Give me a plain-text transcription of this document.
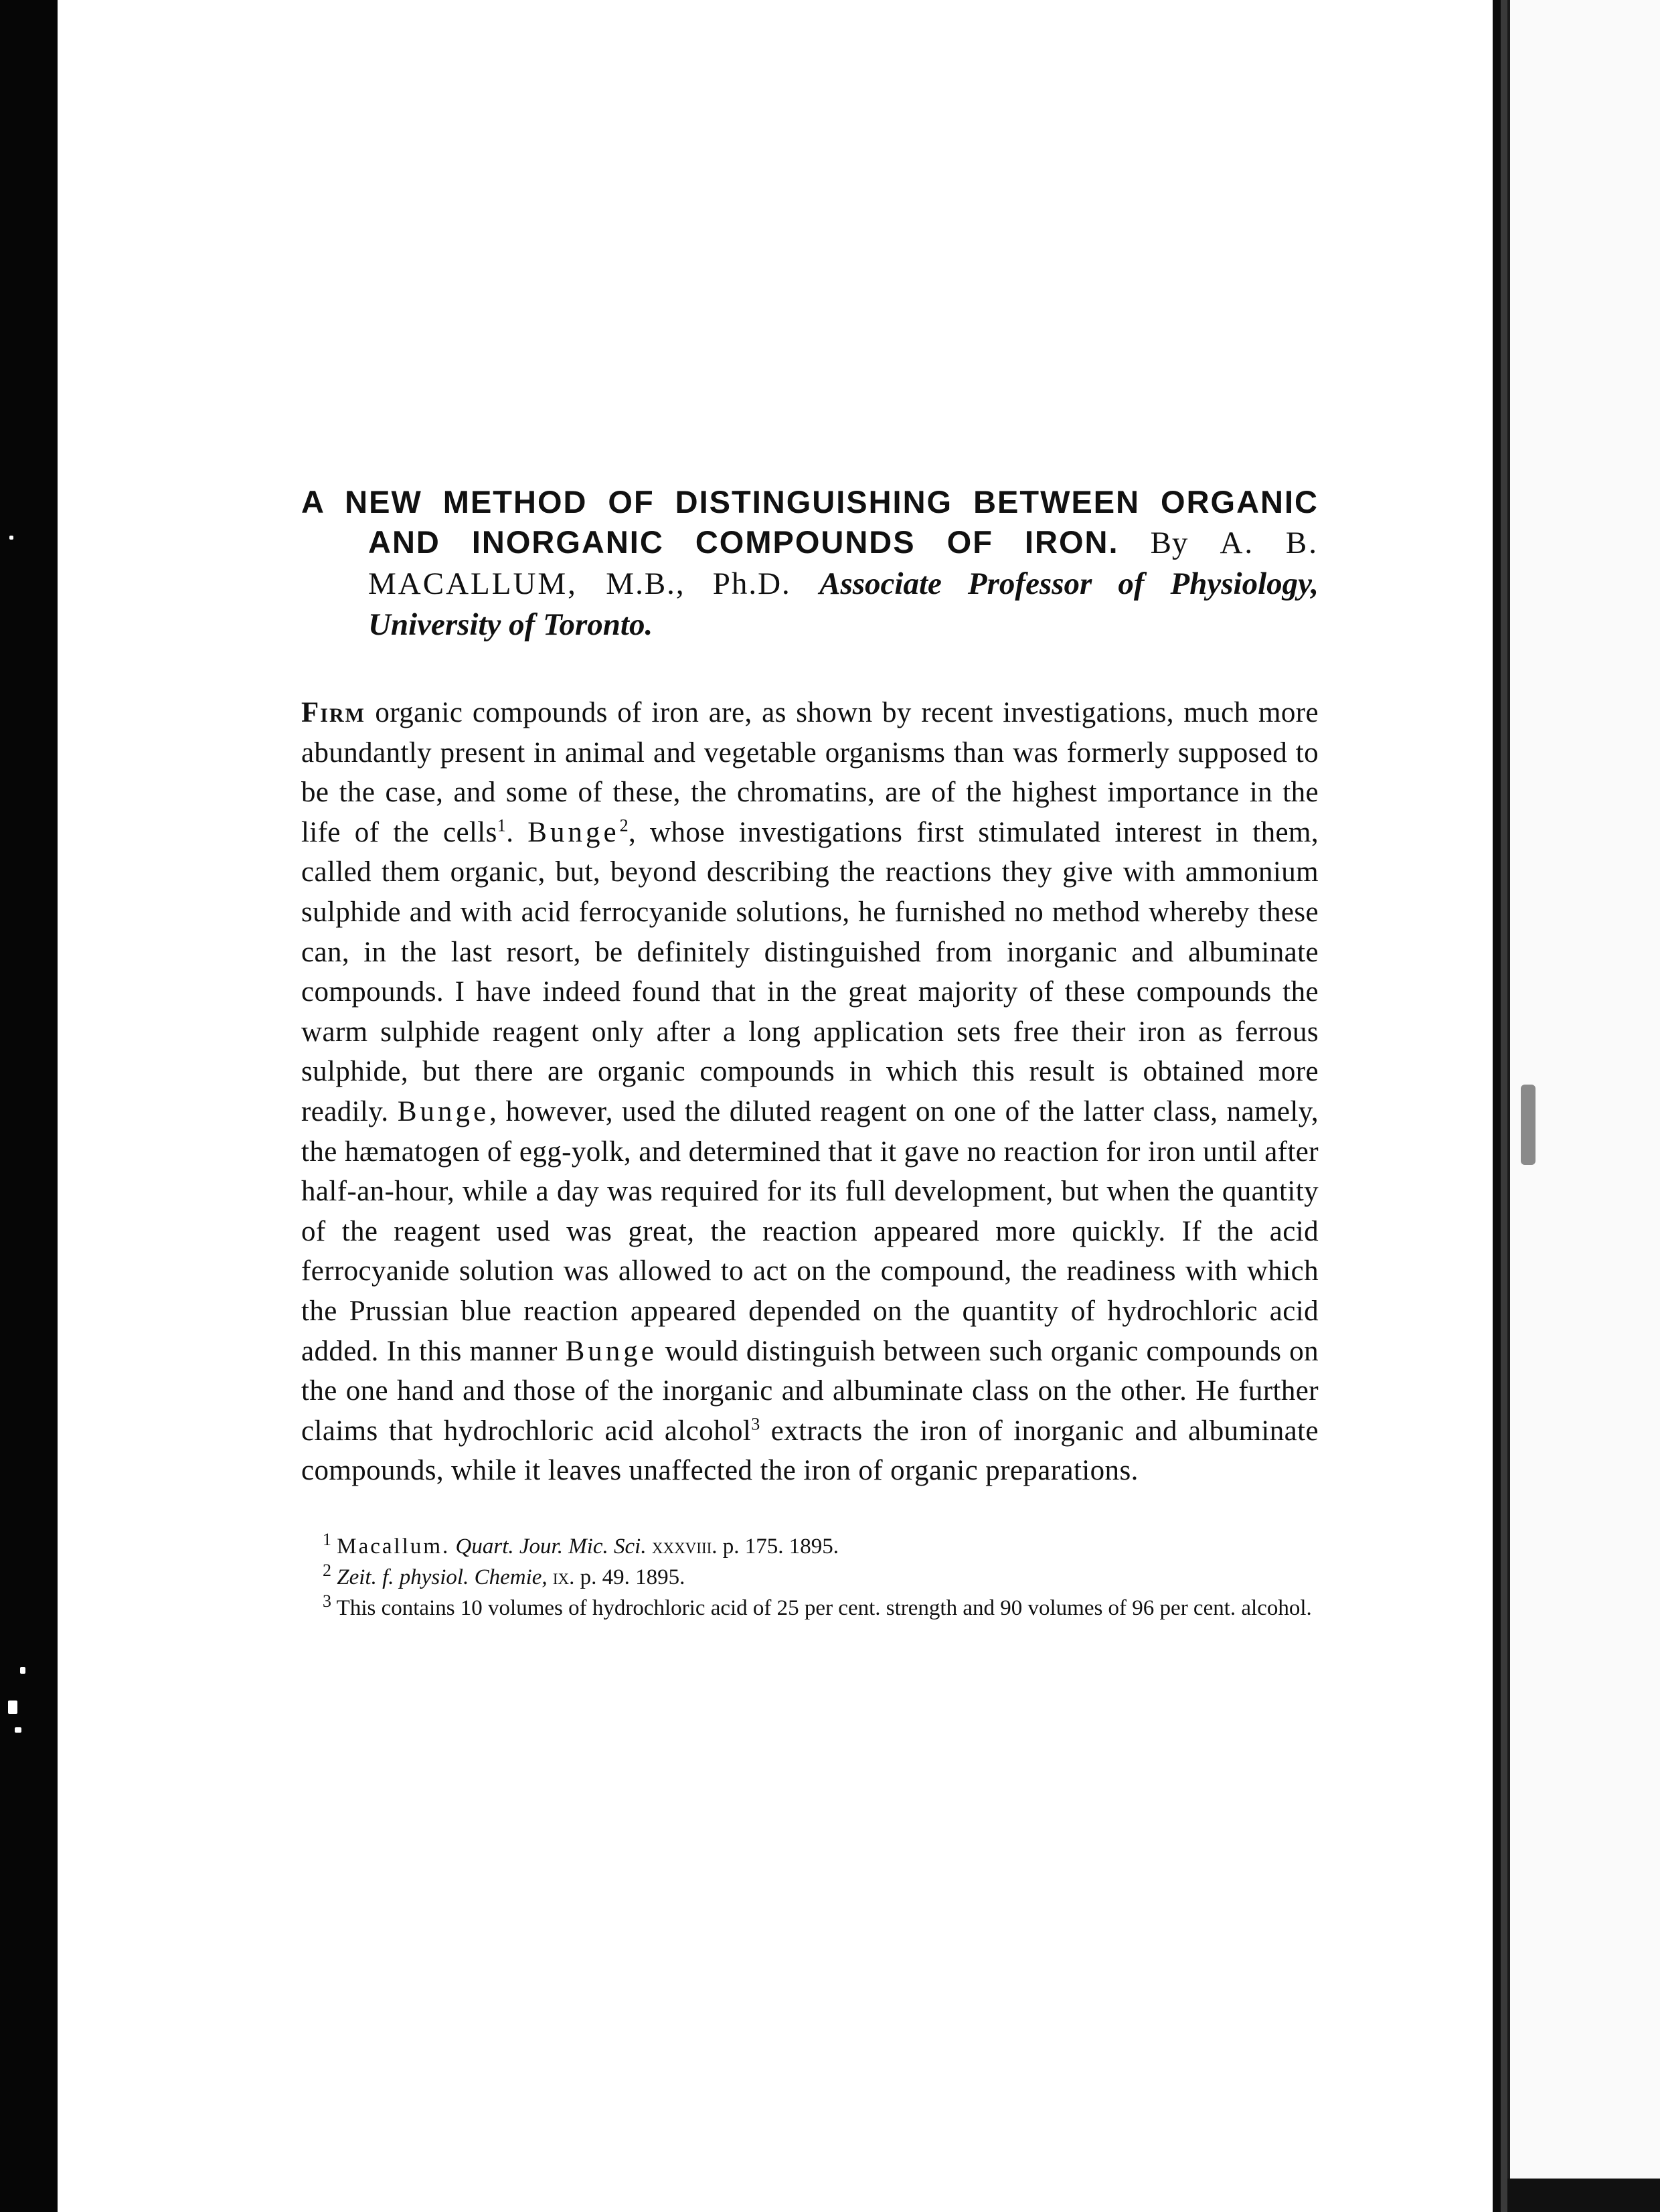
A NEW METHOD OF DISTINGUISHING BETWEEN ORGANIC AND INORGANIC COMPOUNDS OF IRON. By A. B. MACALLUM, M.B., Ph.D. Associate Professor of Physiology, University of Toronto.

Firm organic compounds of iron are, as shown by recent investigations, much more abundantly present in animal and vegetable organisms than was formerly supposed to be the case, and some of these, the chromatins, are of the highest importance in the life of the cells$^1$. Bunge$^2$, whose investigations first stimulated interest in them, called them organic, but, beyond describing the reactions they give with ammonium sulphide and with acid ferrocyanide solutions, he furnished no method whereby these can, in the last resort, be definitely distinguished from inorganic and albuminate compounds. I have indeed found that in the great majority of these compounds the warm sulphide reagent only after a long application sets free their iron as ferrous sulphide, but there are organic compounds in which this result is obtained more readily. Bunge, however, used the diluted reagent on one of the latter class, namely, the hæmatogen of egg-yolk, and determined that it gave no reaction for iron until after half-an-hour, while a day was required for its full development, but when the quantity of the reagent used was great, the reaction appeared more quickly. If the acid ferrocyanide solution was allowed to act on the compound, the readiness with which the Prussian blue reaction appeared depended on the quantity of hydrochloric acid added. In this manner Bunge would distinguish between such organic compounds on the one hand and those of the inorganic and albuminate class on the other. He further claims that hydrochloric acid alcohol$^3$ extracts the iron of inorganic and albuminate compounds, while it leaves unaffected the iron of organic preparations.

$^1$ Macallum. Quart. Jour. Mic. Sci. xxxviii. p. 175. 1895.

$^2$ Zeit. f. physiol. Chemie, ix. p. 49. 1895.

$^3$ This contains 10 volumes of hydrochloric acid of 25 per cent. strength and 90 volumes of 96 per cent. alcohol.
